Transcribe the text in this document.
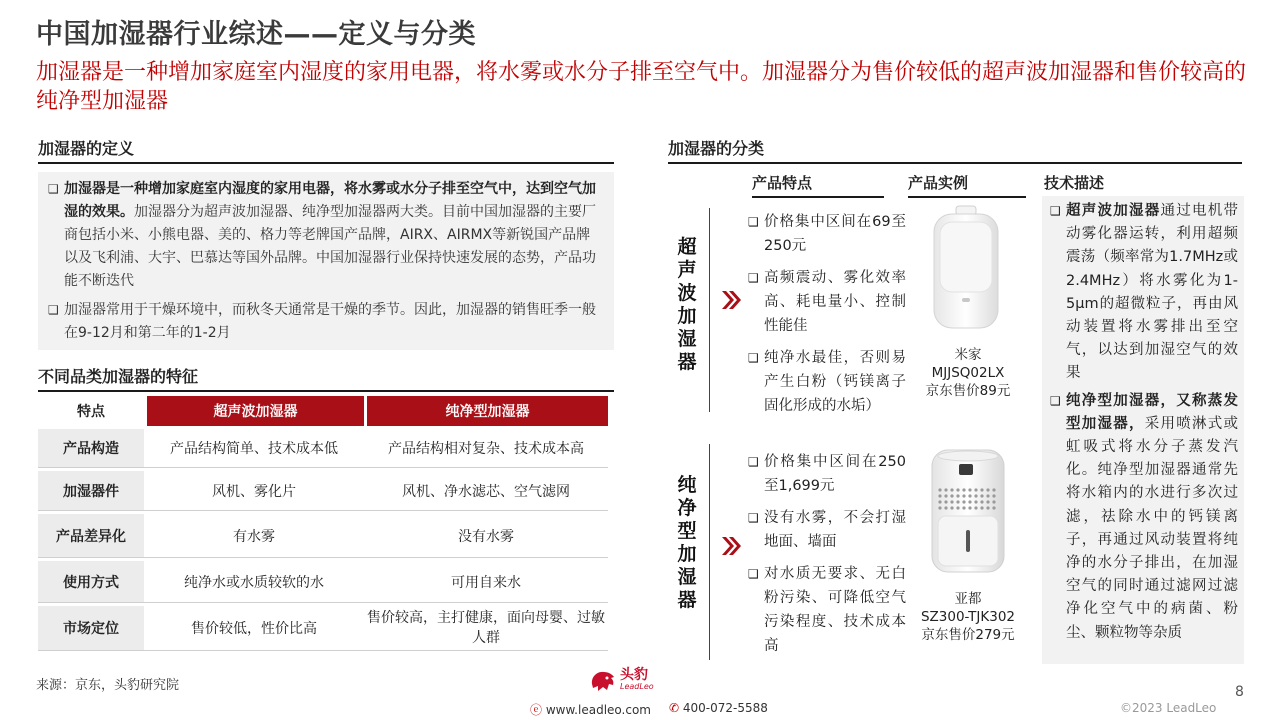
中国加湿器行业综述——定义与分类
加湿器是一种增加家庭室内湿度的家用电器，将水雾或水分子排至空气中。加湿器分为售价较低的超声波加湿器和售价较高的纯净型加湿器
加湿器的定义
❑ 加湿器是一种增加家庭室内湿度的家用电器，将水雾或水分子排至空气中，达到空气加湿的效果。加湿器分为超声波加湿器、纯净型加湿器两大类。目前中国加湿器的主要厂商包括小米、小熊电器、美的、格力等老牌国产品牌，AIRX、AIRMX等新锐国产品牌以及飞利浦、大宇、巴慕达等国外品牌。中国加湿器行业保持快速发展的态势，产品功能不断迭代
❑ 加湿器常用于干燥环境中，而秋冬天通常是干燥的季节。因此，加湿器的销售旺季一般在9-12月和第二年的1-2月
不同品类加湿器的特征
特点	超声波加湿器	纯净型加湿器
产品构造	产品结构简单、技术成本低	产品结构相对复杂、技术成本高
加湿器件	风机、雾化片	风机、净水滤芯、空气滤网
产品差异化	有水雾	没有水雾
使用方式	纯净水或水质较软的水	可用自来水
市场定位	售价较低，性价比高	售价较高，主打健康，面向母婴、过敏人群
来源：京东，头豹研究院
加湿器的分类
产品特点	产品实例	技术描述
超声波加湿器
❑ 价格集中区间在69至250元
❑ 高频震动、雾化效率高、耗电量小、控制性能佳
❑ 纯净水最佳，否则易产生白粉（钙镁离子固化形成的水垢）
米家
MJJSQ02LX
京东售价89元
纯净型加湿器
❑ 价格集中区间在250至1,699元
❑ 没有水雾，不会打湿地面、墙面
❑ 对水质无要求、无白粉污染、可降低空气污染程度、技术成本高
亚都
SZ300-TJK302
京东售价279元
❑ 超声波加湿器通过电机带动雾化器运转，利用超频震荡（频率常为1.7MHz或2.4MHz）将水雾化为1-5μm的超微粒子，再由风动装置将水雾排出至空气，以达到加湿空气的效果
❑ 纯净型加湿器，又称蒸发型加湿器，采用喷淋式或虹吸式将水分子蒸发汽化。纯净型加湿器通常先将水箱内的水进行多次过滤，祛除水中的钙镁离子，再通过风动装置将纯净的水分子排出，在加湿空气的同时通过滤网过滤净化空气中的病菌、粉尘、颗粒物等杂质
头豹
LeadLeo
ⓔ www.leadleo.com ✆ 400-072-5588
8
©2023 LeadLeo
